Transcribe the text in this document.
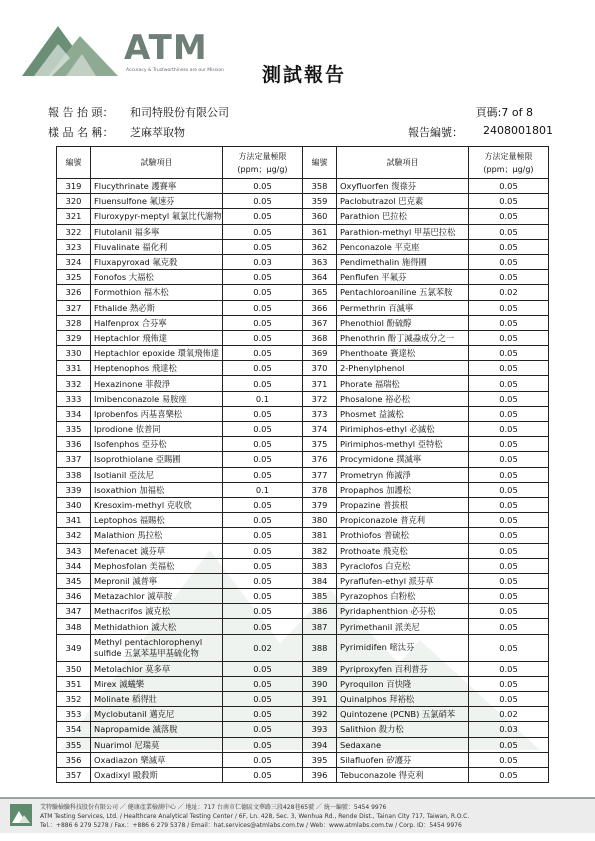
ATM
Accuracy & Trustworthiness are our Mission 測試報告
報 告 抬 頭： 和司特股份有限公司	頁碼:7 of 8
樣 品 名 稱： 芝麻萃取物	報告編號： 2408001801
編號	試驗項目	方法定量極限 (ppm；μg/g)	編號	試驗項目	方法定量極限 (ppm；μg/g)
319	Flucythrinate 護賽寧	0.05	358	Oxyfluorfen 復祿芬	0.05
320	Fluensulfone 氟速芬	0.05	359	Paclobutrazol 巴克素	0.05
321	Fluroxypyr-meptyl 氟氯比代謝物	0.05	360	Parathion 巴拉松	0.05
322	Flutolanil 福多寧	0.05	361	Parathion-methyl 甲基巴拉松	0.05
323	Fluvalinate 福化利	0.05	362	Penconazole 平克座	0.05
324	Fluxapyroxad 氟克殺	0.03	363	Pendimethalin 施得圃	0.05
325	Fonofos 大福松	0.05	364	Penflufen 平氟芬	0.05
326	Formothion 福木松	0.05	365	Pentachloroaniline 五氯苯胺	0.02
327	Fthalide 熱必斯	0.05	366	Permethrin 百滅寧	0.05
328	Halfenprox 合芬寧	0.05	367	Phenothiol 酚硫醇	0.05
329	Heptachlor 飛佈達	0.05	368	Phenothrin 酚丁滅蝨成分之一	0.05
330	Heptachlor epoxide 環氧飛佈達	0.05	369	Phenthoate 賽達松	0.05
331	Heptenophos 飛達松	0.05	370	2-Phenylphenol	0.05
332	Hexazinone 菲殺淨	0.05	371	Phorate 福瑞松	0.05
333	Imibenconazole 易胺座	0.1	372	Phosalone 裕必松	0.05
334	Iprobenfos 丙基喜樂松	0.05	373	Phosmet 益滅松	0.05
335	Iprodione 依普同	0.05	374	Pirimiphos-ethyl 必滅松	0.05
336	Isofenphos 亞芬松	0.05	375	Pirimiphos-methyl 亞特松	0.05
337	Isoprothiolane 亞賜圃	0.05	376	Procymidone 撲滅寧	0.05
338	Isotianil 亞汰尼	0.05	377	Prometryn 佈滅淨	0.05
339	Isoxathion 加福松	0.1	378	Propaphos 加護松	0.05
340	Kresoxim-methyl 克收欣	0.05	379	Propazine 普拔根	0.05
341	Leptophos 福賜松	0.05	380	Propiconazole 普克利	0.05
342	Malathion 馬拉松	0.05	381	Prothiofos 普硫松	0.05
343	Mefenacet 滅芬草	0.05	382	Prothoate 飛克松	0.05
344	Mephosfolan 美福松	0.05	383	Pyraclofos 白克松	0.05
345	Mepronil 滅普寧	0.05	384	Pyraflufen-ethyl 派芬草	0.05
346	Metazachlor 滅草胺	0.05	385	Pyrazophos 白粉松	0.05
347	Methacrifos 滅克松	0.05	386	Pyridaphenthion 必芬松	0.05
348	Methidathion 滅大松	0.05	387	Pyrimethanil 派美尼	0.05
349	Methyl pentachlorophenyl sulfide 五氯苯基甲基硫化物	0.02	388	Pyrimidifen 嘧汰芬	0.05
350	Metolachlor 莫多草	0.05	389	Pyriproxyfen 百利普芬	0.05
351	Mirex 滅蟻樂	0.05	390	Pyroquilon 百快隆	0.05
352	Molinate 稻得壯	0.05	391	Quinalphos 拜裕松	0.05
353	Myclobutanil 邁克尼	0.05	392	Quintozene (PCNB) 五氯硝苯	0.02
354	Napropamide 滅落脫	0.05	393	Salithion 殺力松	0.03
355	Nuarimol 尼瑞莫	0.05	394	Sedaxane	0.05
356	Oxadiazon 樂滅草	0.05	395	Silafluofen 矽護芬	0.05
357	Oxadixyl 毆殺斯	0.05	396	Tebuconazole 得克利	0.05
艾特驗檢驗科技股份有限公司 ／ 健康產業檢測中心 ／ 地址：717 台南市仁德區文華路三段428巷65號 ／ 統一編號：5454 9976
ATM Testing Services, Ltd. / Healthcare Analytical Testing Center / 6F, Ln. 428, Sec. 3, Wenhua Rd., Rende Dist., Tainan City 717, Taiwan, R.O.C.
Tel.：+886 6 279 5278 / Fax.：+886 6 279 5378 / Email：hat.services@atmlabs.com.tw / Web：www.atmlabs.com.tw / Corp. ID：5454 9976
